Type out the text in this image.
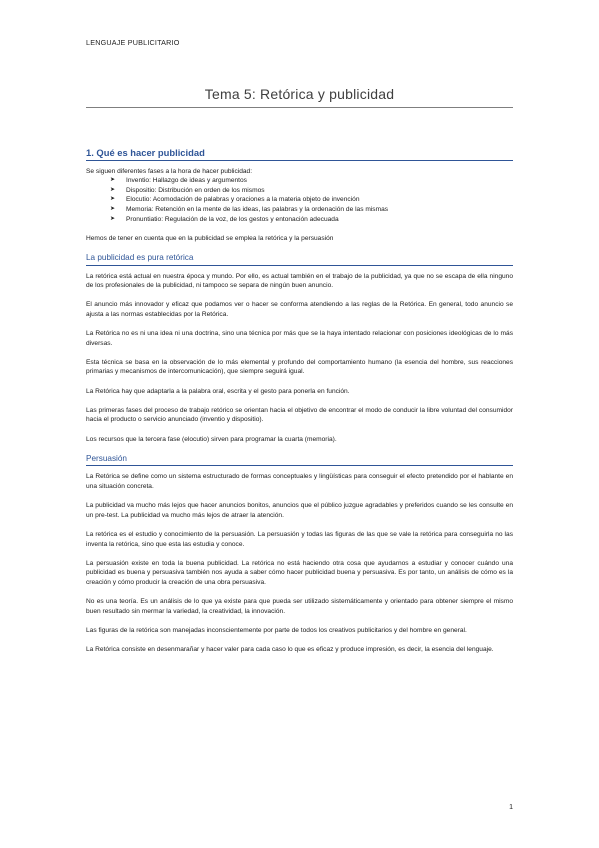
LENGUAJE PUBLICITARIO
Tema 5: Retórica y publicidad
1. Qué es hacer publicidad

Se siguen diferentes fases a la hora de hacer publicidad:

➤ Inventio: Hallazgo de ideas y argumentos
➤ Dispositio: Distribución en orden de los mismos
➤ Elocutio: Acomodación de palabras y oraciones a la materia objeto de invención
➤ Memoria: Retención en la mente de las ideas, las palabras y la ordenación de las mismas
➤ Pronuntiatio: Regulación de la voz, de los gestos y entonación adecuada

Hemos de tener en cuenta que en la publicidad se emplea la retórica y la persuasión

La publicidad es pura retórica

La retórica está actual en nuestra época y mundo. Por ello, es actual también en el trabajo de la publicidad, ya que no se escapa de ella ninguno de los profesionales de la publicidad, ni tampoco se separa de ningún buen anuncio.

El anuncio más innovador y eficaz que podamos ver o hacer se conforma atendiendo a las reglas de la Retórica. En general, todo anuncio se ajusta a las normas establecidas por la Retórica.

La Retórica no es ni una idea ni una doctrina, sino una técnica por más que se la haya intentado relacionar con posiciones ideológicas de lo más diversas.

Esta técnica se basa en la observación de lo más elemental y profundo del comportamiento humano (la esencia del hombre, sus reacciones primarias y mecanismos de intercomunicación), que siempre seguirá igual.

La Retórica hay que adaptarla a la palabra oral, escrita y el gesto para ponerla en función.

Las primeras fases del proceso de trabajo retórico se orientan hacia el objetivo de encontrar el modo de conducir la libre voluntad del consumidor hacia el producto o servicio anunciado (inventio y dispositio).

Los recursos que la tercera fase (elocutio) sirven para programar la cuarta (memoria).

Persuasión

La Retórica se define como un sistema estructurado de formas conceptuales y lingüísticas para conseguir el efecto pretendido por el hablante en una situación concreta.

La publicidad va mucho más lejos que hacer anuncios bonitos, anuncios que el público juzgue agradables y preferidos cuando se les consulte en un pre-test. La publicidad va mucho más lejos de atraer la atención.

La retórica es el estudio y conocimiento de la persuasión. La persuasión y todas las figuras de las que se vale la retórica para conseguirla no las inventa la retórica, sino que esta las estudia y conoce.

La persuasión existe en toda la buena publicidad. La retórica no está haciendo otra cosa que ayudarnos a estudiar y conocer cuándo una publicidad es buena y persuasiva también nos ayuda a saber cómo hacer publicidad buena y persuasiva. Es por tanto, un análisis de cómo es la creación y cómo producir la creación de una obra persuasiva.

No es una teoría. Es un análisis de lo que ya existe para que pueda ser utilizado sistemáticamente y orientado para obtener siempre el mismo buen resultado sin mermar la variedad, la creatividad, la innovación.

Las figuras de la retórica son manejadas inconscientemente por parte de todos los creativos publicitarios y del hombre en general.

La Retórica consiste en desenmarañar y hacer valer para cada caso lo que es eficaz y produce impresión, es decir, la esencia del lenguaje.

1
